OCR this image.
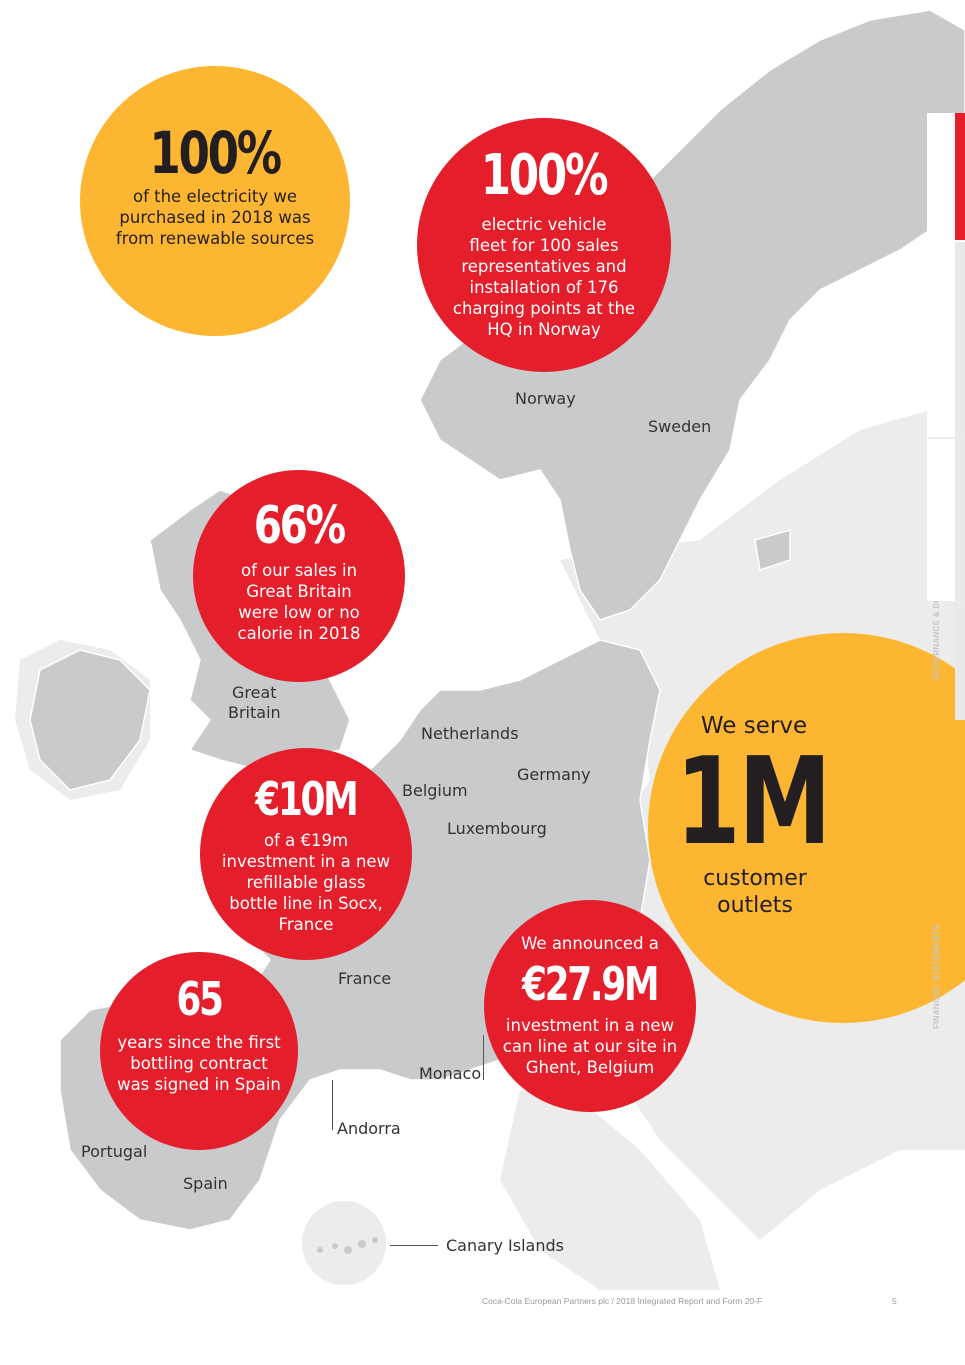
Norway
Sweden
Great
Britain
Netherlands
Germany
Belgium
Luxembourg
France
Monaco
Andorra
Portugal
Spain
Canary Islands
100%
of the electricity we
purchased in 2018 was
from renewable sources
100%
electric vehicle
fleet for 100 sales
representatives and
installation of 176
charging points at the
HQ in Norway
66%
of our sales in
Great Britain
were low or no
calorie in 2018
€10M
of a €19m
investment in a new
refillable glass
bottle line in Socx,
France
65
years since the first
bottling contract
was signed in Spain
We announced a
€27.9M
investment in a new
can line at our site in
Ghent, Belgium
We serve
1M
customer
outlets
FINANCIAL STATEMENTS
OTHER INFORMATION
Coca-Cola European Partners plc / 2018 Integrated Report and Form 20-F	5
